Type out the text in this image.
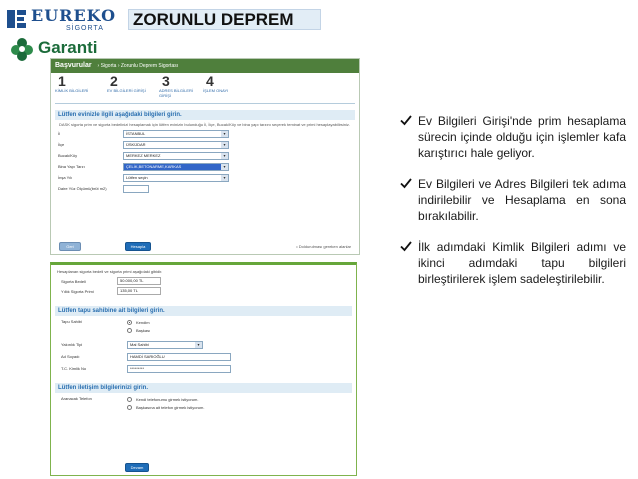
EUREKO
SİGORTA ZORUNLU DEPREM
Garanti
Başvurular › Sigorta › Zorunlu Deprem Sigortası
1
KİMLİK BİLGİLERİ
2
EV BİLGİLERİ GİRİŞİ
3
ADRES BİLGİLERİ GİRİŞİ
4
İŞLEM ONAYI
Lütfen evinizle ilgili aşağıdaki bilgileri girin.
DASK sigorta prim ve sigorta bedelinizi hesaplamak için lütfen evinizin bulunduğu İl, İlçe, Bucak/Köy ve bina yapı tarzını seçerek teminat ve primi hesaplayabilirsiniz.
İl	İSTANBUL	▾
İlçe	ÜSKÜDAR	▾
Bucak/Köy	MERKEZ MERKEZ	▾
Bina Yapı Tarzı	ÇELİK,BETONARME,KARKAS	▾
İnşa Yılı	Lütfen seçin	▾
Daire Yüz Ölçümü(brüt m2)
Geri	Hesapla	• Doldurulması gereken alanlar
Hesaplanan sigorta bedeli ve sigorta primi aşağıdaki gibidir.
Sigorta Bedeli	50.000,00 TL
Yıllık Sigorta Primi	135,00 TL
Lütfen tapu sahibine ait bilgileri girin.
Tapu Sahibi	Kendim
Başkası
Yakınlık Tipi	Mal Sahibi	▾
Ad Soyadı	HAMDİ SARIOĞLU
T.C. Kimlik No	*********
Lütfen iletişim bilgilerinizi girin.
Aranacak Telefon	Kendi telefonumu girmek istiyorum.
Başkasına ait telefon girmek istiyorum.
Devam
Ev Bilgileri Girişi'nde prim hesaplama sürecin içinde olduğu için işlemler kafa karıştırıcı hale geliyor.
Ev Bilgileri ve Adres Bilgileri tek adıma indirilebilir ve Hesaplama en sona bırakılabilir.
İlk adımdaki Kimlik Bilgileri adımı ve ikinci adımdaki tapu bilgileri birleştirilerek işlem sadeleştirilebilir.
